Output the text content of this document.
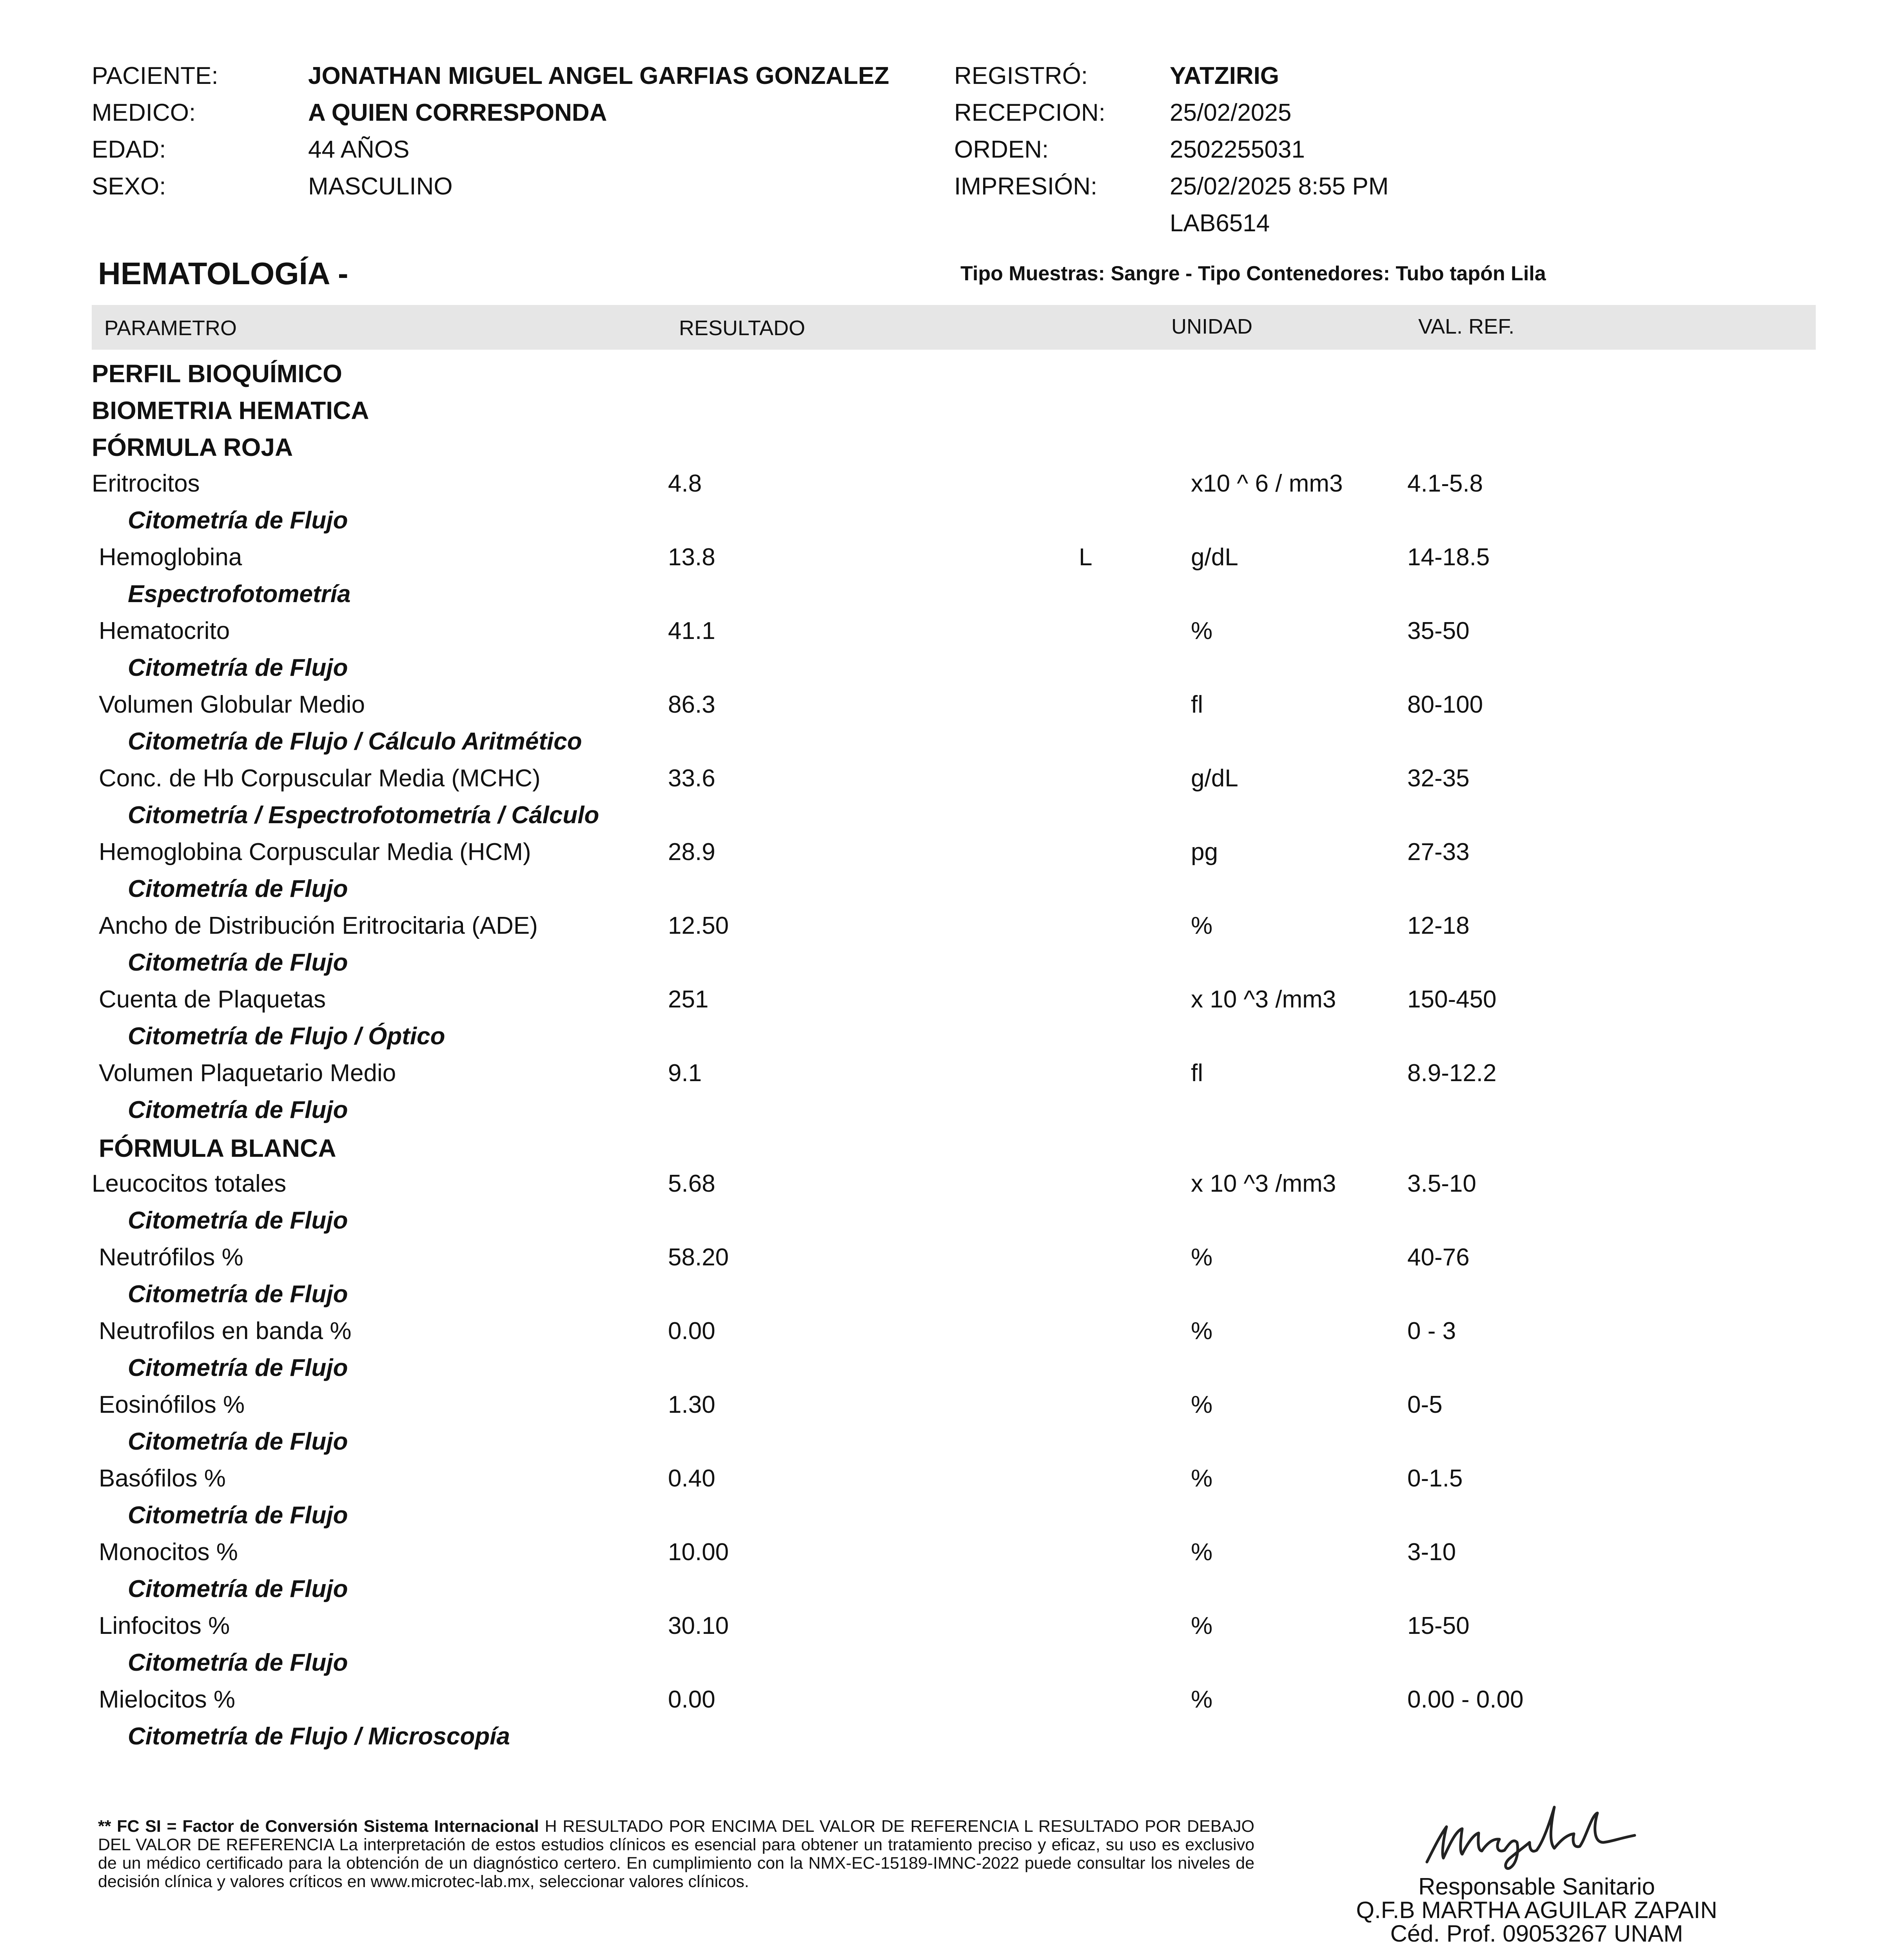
PACIENTE:	JONATHAN MIGUEL ANGEL GARFIAS GONZALEZ
MEDICO:	A QUIEN CORRESPONDA
EDAD:	44 AÑOS
SEXO:	MASCULINO
REGISTRÓ:	YATZIRIG
RECEPCION:	25/02/2025
ORDEN:	2502255031
IMPRESIÓN:	25/02/2025 8:55 PM
LAB6514
HEMATOLOGÍA -	Tipo Muestras: Sangre - Tipo Contenedores: Tubo tapón Lila
PARAMETRO	RESULTADO	UNIDAD	VAL. REF.
PERFIL BIOQUÍMICO
BIOMETRIA HEMATICA
FÓRMULA ROJA
FÓRMULA BLANCA
Eritrocitos	4.8	x10 ^ 6 / mm3	4.1-5.8
Citometría de Flujo
Hemoglobina	13.8	L	g/dL	14-18.5
Espectrofotometría
Hematocrito	41.1	%	35-50
Citometría de Flujo
Volumen Globular Medio	86.3	fl	80-100
Citometría de Flujo / Cálculo Aritmético
Conc. de Hb Corpuscular Media (MCHC)	33.6	g/dL	32-35
Citometría / Espectrofotometría / Cálculo
Hemoglobina Corpuscular Media (HCM)	28.9	pg	27-33
Citometría de Flujo
Ancho de Distribución Eritrocitaria (ADE)	12.50	%	12-18
Citometría de Flujo
Cuenta de Plaquetas	251	x 10 ^3 /mm3	150-450
Citometría de Flujo / Óptico
Volumen Plaquetario Medio	9.1	fl	8.9-12.2
Citometría de Flujo
Leucocitos totales	5.68	x 10 ^3 /mm3	3.5-10
Citometría de Flujo
Neutrófilos %	58.20	%	40-76
Citometría de Flujo
Neutrofilos en banda %	0.00	%	0 - 3
Citometría de Flujo
Eosinófilos %	1.30	%	0-5
Citometría de Flujo
Basófilos %	0.40	%	0-1.5
Citometría de Flujo
Monocitos %	10.00	%	3-10
Citometría de Flujo
Linfocitos %	30.10	%	15-50
Citometría de Flujo
Mielocitos %	0.00	%	0.00 - 0.00
Citometría de Flujo / Microscopía
** FC SI = Factor de Conversión Sistema Internacional H RESULTADO POR ENCIMA DEL VALOR DE REFERENCIA L RESULTADO POR DEBAJO DEL VALOR DE REFERENCIA La interpretación de estos estudios clínicos es esencial para obtener un tratamiento preciso y eficaz, su uso es exclusivo de un médico certificado para la obtención de un diagnóstico certero. En cumplimiento con la NMX-EC-15189-IMNC-2022 puede consultar los niveles de decisión clínica y valores críticos en www.microtec-lab.mx, seleccionar valores clínicos.	Responsable Sanitario
Q.F.B MARTHA AGUILAR ZAPAIN
Céd. Prof. 09053267 UNAM
